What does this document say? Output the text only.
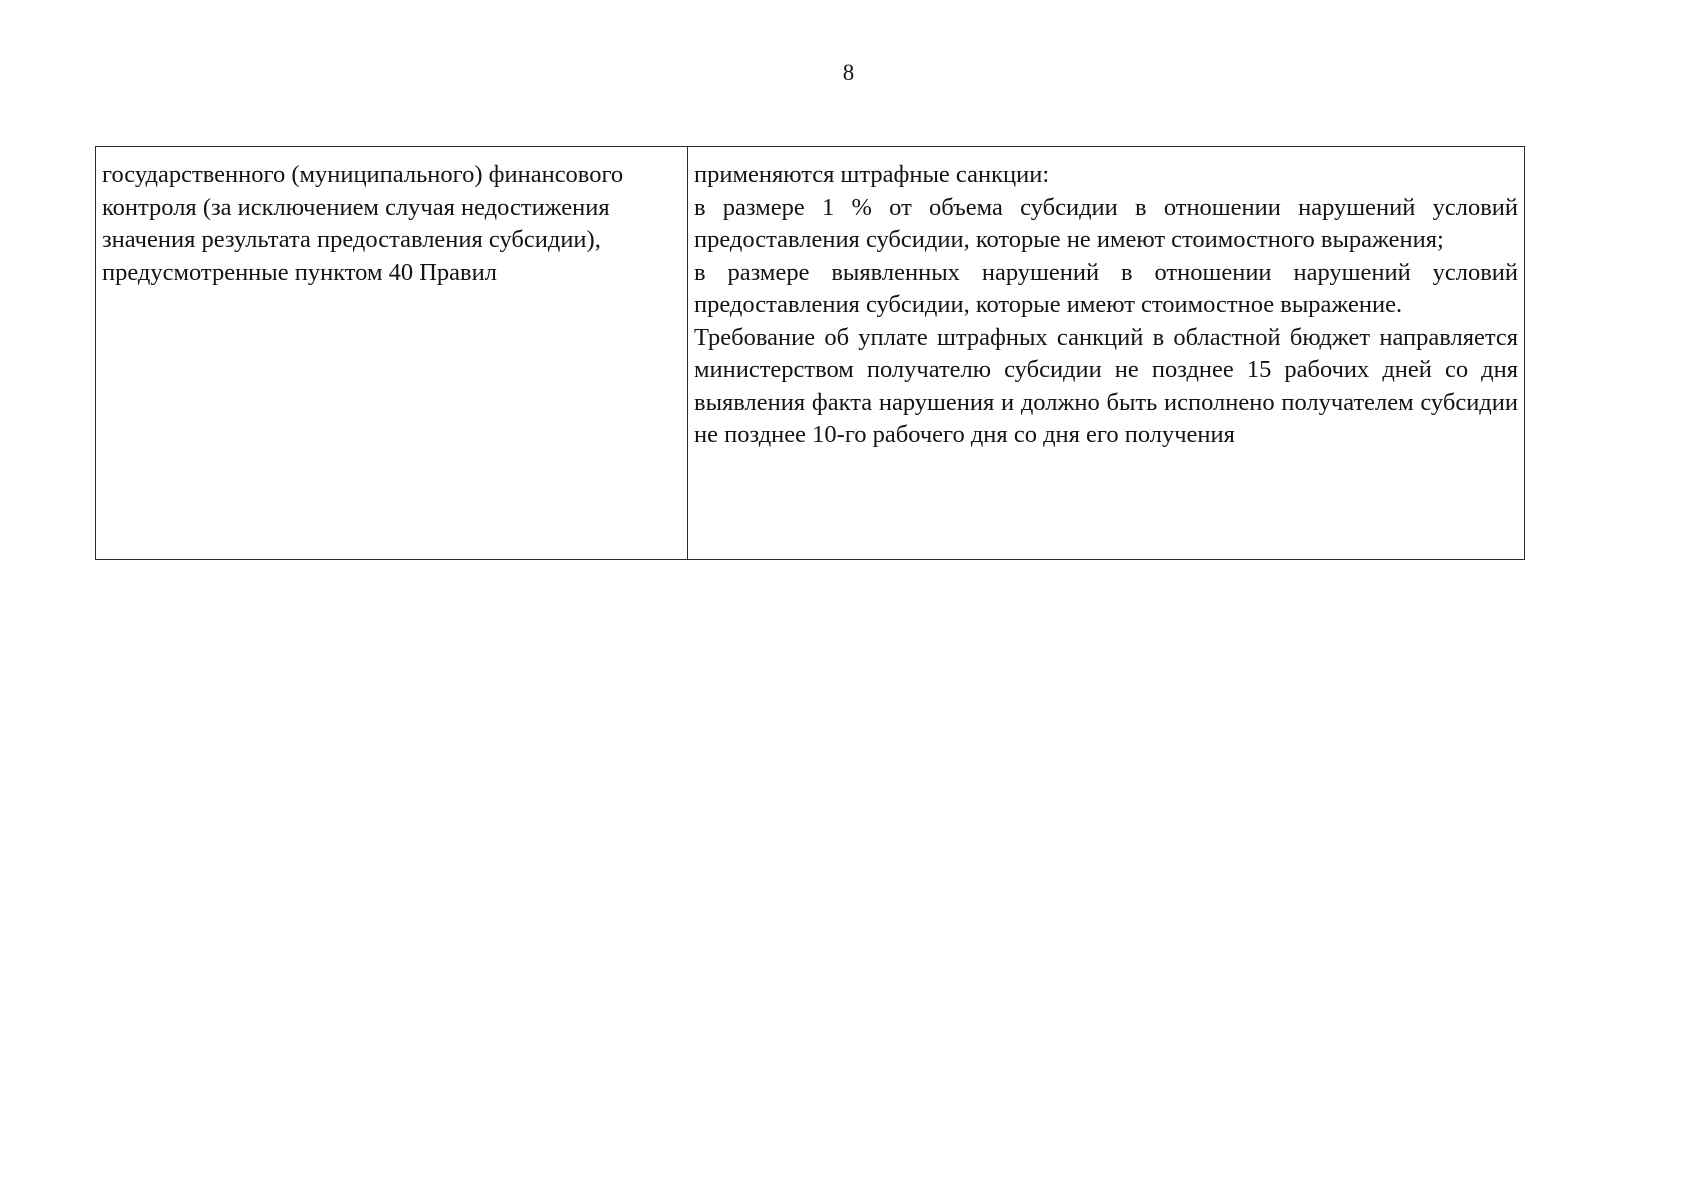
8

государственного (муниципального) финансового контроля (за исключением случая недостижения значения результата предоставления субсидии), предусмотренные пунктом 40 Правил

применяются штрафные санкции:

в размере 1 % от объема субсидии в отношении нарушений условий предоставления субсидии, которые не имеют стоимостного выражения;

в размере выявленных нарушений в отношении нарушений условий предоставления субсидии, которые имеют стоимостное выражение.

Требование об уплате штрафных санкций в областной бюджет направляется министерством получателю субсидии не позднее 15 рабочих дней со дня выявления факта нарушения и должно быть исполнено получателем субсидии не позднее 10-го рабочего дня со дня его получения
